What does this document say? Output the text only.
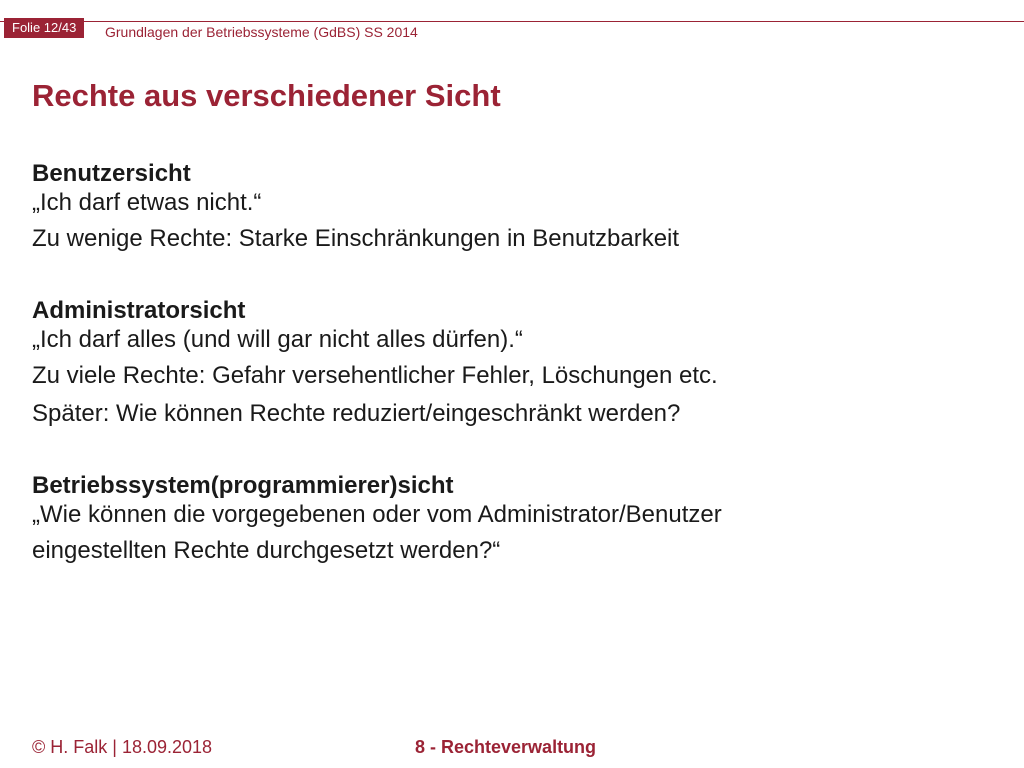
Folie 12/43	Grundlagen der Betriebssysteme (GdBS) SS 2014
Rechte aus verschiedener Sicht

Benutzersicht

„Ich darf etwas nicht.“

Zu wenige Rechte: Starke Einschränkungen in Benutzbarkeit

Administratorsicht

„Ich darf alles (und will gar nicht alles dürfen).“

Zu viele Rechte: Gefahr versehentlicher Fehler, Löschungen etc.

Später: Wie können Rechte reduziert/eingeschränkt werden?

Betriebssystem(programmierer)sicht

„Wie können die vorgegebenen oder vom Administrator/Benutzer

eingestellten Rechte durchgesetzt werden?“

© H. Falk | 18.09.2018	8 - Rechteverwaltung
